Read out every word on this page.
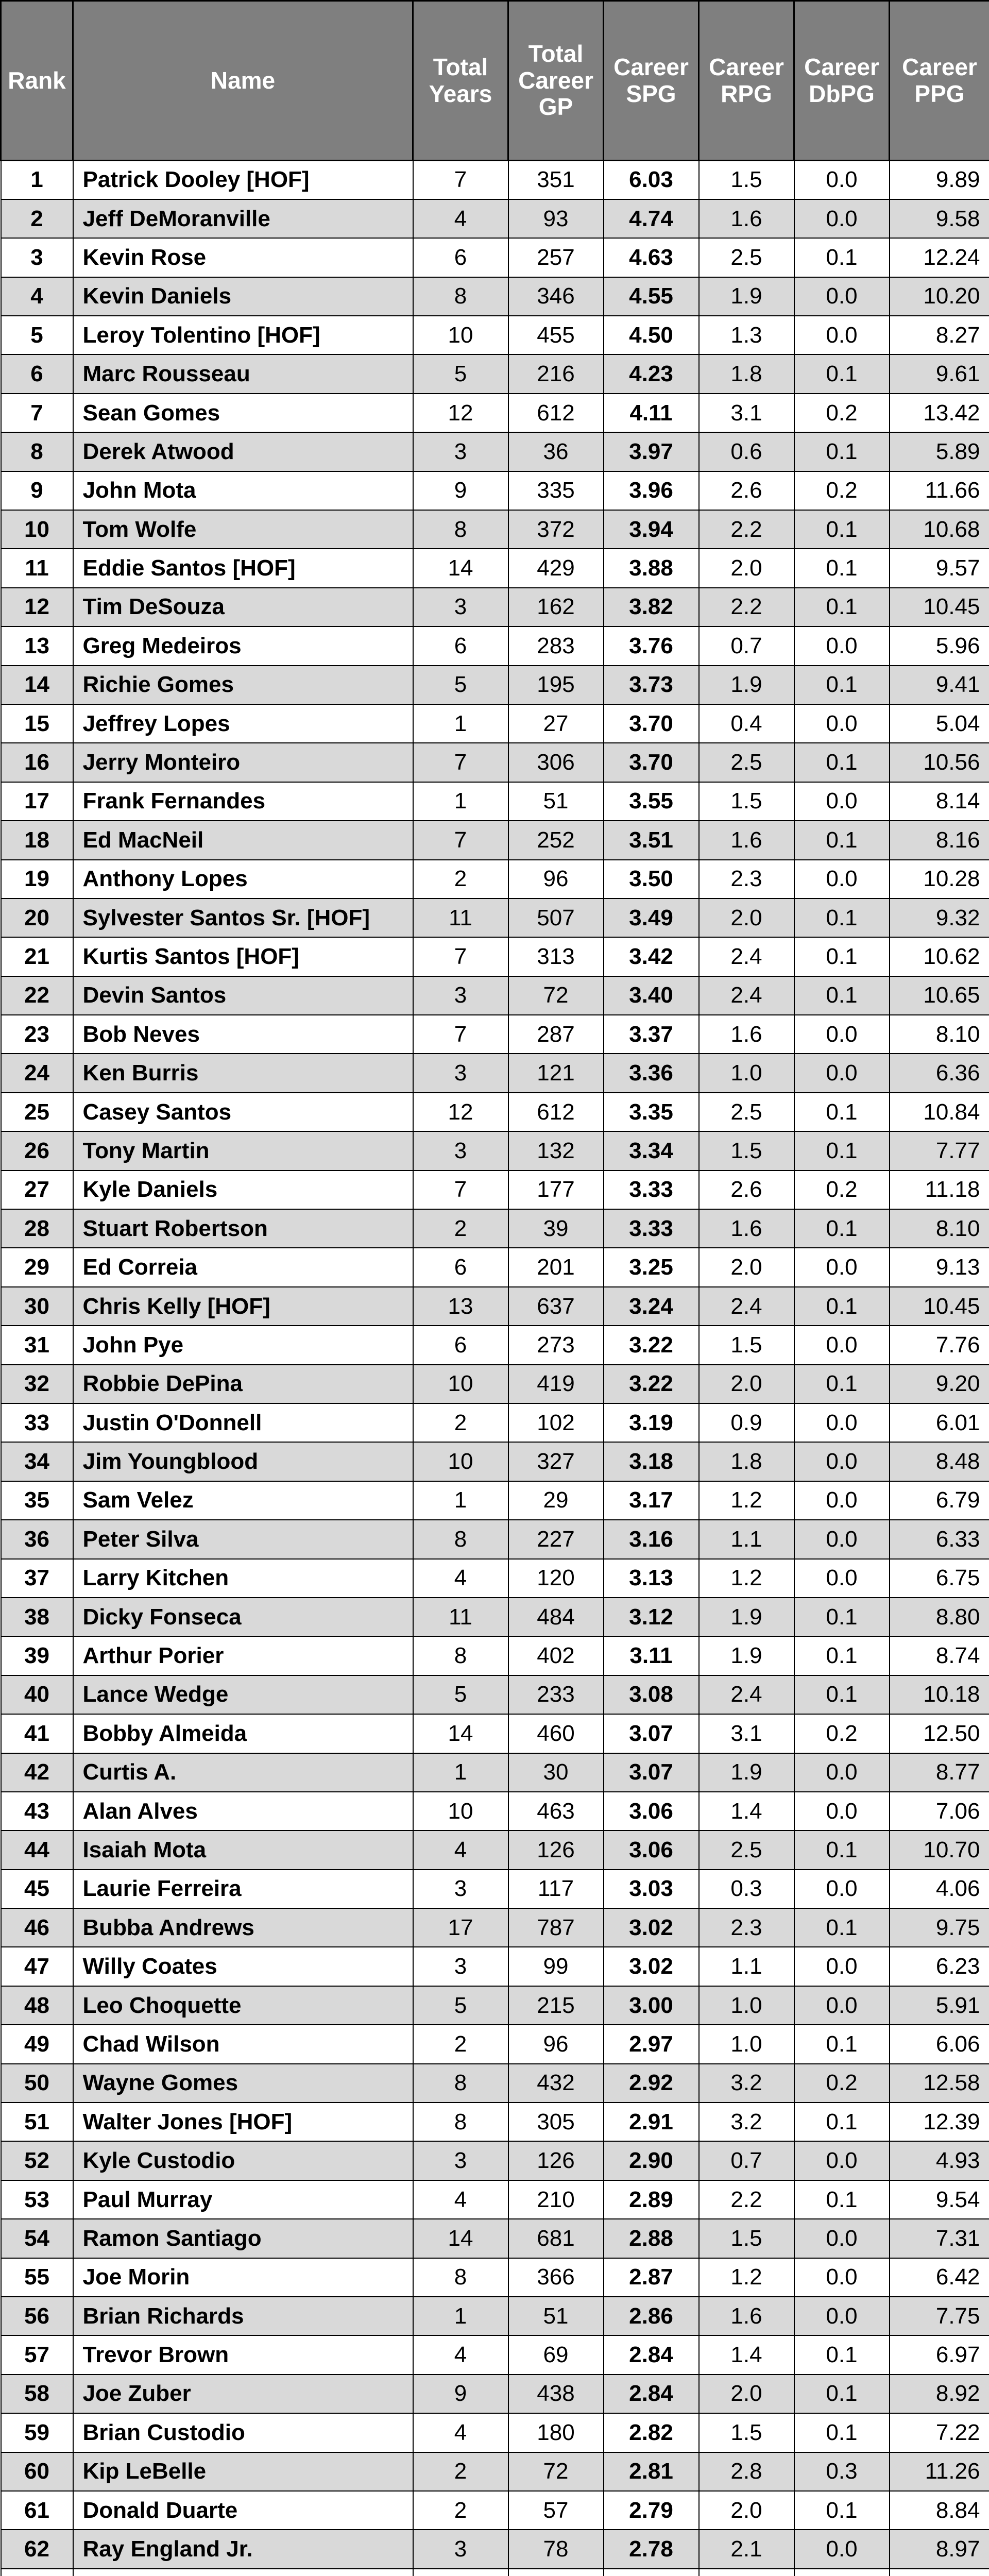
Rank	Name	Total Years	Total Career GP	Career SPG	Career RPG	Career DbPG	Career PPG
1	Patrick Dooley [HOF]	7	351	6.03	1.5	0.0	9.89
2	Jeff DeMoranville	4	93	4.74	1.6	0.0	9.58
3	Kevin Rose	6	257	4.63	2.5	0.1	12.24
4	Kevin Daniels	8	346	4.55	1.9	0.0	10.20
5	Leroy Tolentino [HOF]	10	455	4.50	1.3	0.0	8.27
6	Marc Rousseau	5	216	4.23	1.8	0.1	9.61
7	Sean Gomes	12	612	4.11	3.1	0.2	13.42
8	Derek Atwood	3	36	3.97	0.6	0.1	5.89
9	John Mota	9	335	3.96	2.6	0.2	11.66
10	Tom Wolfe	8	372	3.94	2.2	0.1	10.68
11	Eddie Santos [HOF]	14	429	3.88	2.0	0.1	9.57
12	Tim DeSouza	3	162	3.82	2.2	0.1	10.45
13	Greg Medeiros	6	283	3.76	0.7	0.0	5.96
14	Richie Gomes	5	195	3.73	1.9	0.1	9.41
15	Jeffrey Lopes	1	27	3.70	0.4	0.0	5.04
16	Jerry Monteiro	7	306	3.70	2.5	0.1	10.56
17	Frank Fernandes	1	51	3.55	1.5	0.0	8.14
18	Ed MacNeil	7	252	3.51	1.6	0.1	8.16
19	Anthony Lopes	2	96	3.50	2.3	0.0	10.28
20	Sylvester Santos Sr. [HOF]	11	507	3.49	2.0	0.1	9.32
21	Kurtis Santos [HOF]	7	313	3.42	2.4	0.1	10.62
22	Devin Santos	3	72	3.40	2.4	0.1	10.65
23	Bob Neves	7	287	3.37	1.6	0.0	8.10
24	Ken Burris	3	121	3.36	1.0	0.0	6.36
25	Casey Santos	12	612	3.35	2.5	0.1	10.84
26	Tony Martin	3	132	3.34	1.5	0.1	7.77
27	Kyle Daniels	7	177	3.33	2.6	0.2	11.18
28	Stuart Robertson	2	39	3.33	1.6	0.1	8.10
29	Ed Correia	6	201	3.25	2.0	0.0	9.13
30	Chris Kelly [HOF]	13	637	3.24	2.4	0.1	10.45
31	John Pye	6	273	3.22	1.5	0.0	7.76
32	Robbie DePina	10	419	3.22	2.0	0.1	9.20
33	Justin O'Donnell	2	102	3.19	0.9	0.0	6.01
34	Jim Youngblood	10	327	3.18	1.8	0.0	8.48
35	Sam Velez	1	29	3.17	1.2	0.0	6.79
36	Peter Silva	8	227	3.16	1.1	0.0	6.33
37	Larry Kitchen	4	120	3.13	1.2	0.0	6.75
38	Dicky Fonseca	11	484	3.12	1.9	0.1	8.80
39	Arthur Porier	8	402	3.11	1.9	0.1	8.74
40	Lance Wedge	5	233	3.08	2.4	0.1	10.18
41	Bobby Almeida	14	460	3.07	3.1	0.2	12.50
42	Curtis A.	1	30	3.07	1.9	0.0	8.77
43	Alan Alves	10	463	3.06	1.4	0.0	7.06
44	Isaiah Mota	4	126	3.06	2.5	0.1	10.70
45	Laurie Ferreira	3	117	3.03	0.3	0.0	4.06
46	Bubba Andrews	17	787	3.02	2.3	0.1	9.75
47	Willy Coates	3	99	3.02	1.1	0.0	6.23
48	Leo Choquette	5	215	3.00	1.0	0.0	5.91
49	Chad Wilson	2	96	2.97	1.0	0.1	6.06
50	Wayne Gomes	8	432	2.92	3.2	0.2	12.58
51	Walter Jones [HOF]	8	305	2.91	3.2	0.1	12.39
52	Kyle Custodio	3	126	2.90	0.7	0.0	4.93
53	Paul Murray	4	210	2.89	2.2	0.1	9.54
54	Ramon Santiago	14	681	2.88	1.5	0.0	7.31
55	Joe Morin	8	366	2.87	1.2	0.0	6.42
56	Brian Richards	1	51	2.86	1.6	0.0	7.75
57	Trevor Brown	4	69	2.84	1.4	0.1	6.97
58	Joe Zuber	9	438	2.84	2.0	0.1	8.92
59	Brian Custodio	4	180	2.82	1.5	0.1	7.22
60	Kip LeBelle	2	72	2.81	2.8	0.3	11.26
61	Donald Duarte	2	57	2.79	2.0	0.1	8.84
62	Ray England Jr.	3	78	2.78	2.1	0.0	8.97
